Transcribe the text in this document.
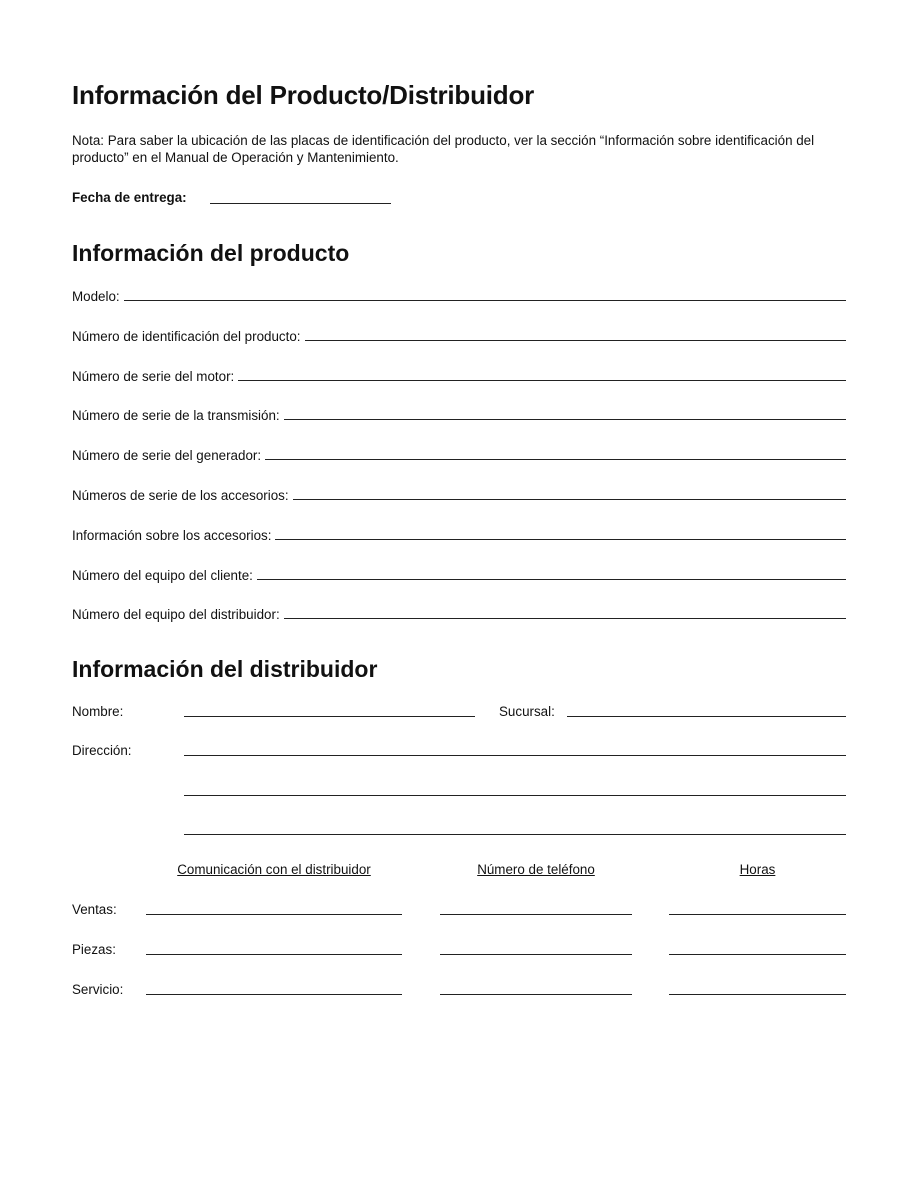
Información del Producto/Distribuidor
Nota: Para saber la ubicación de las placas de identificación del producto, ver la sección “Información sobre identificación del producto” en el Manual de Operación y Mantenimiento.
Fecha de entrega:
Información del producto
Modelo:
Número de identificación del producto:
Número de serie del motor:
Número de serie de la transmisión:
Número de serie del generador:
Números de serie de los accesorios:
Información sobre los accesorios:
Número del equipo del cliente:
Número del equipo del distribuidor:
Información del distribuidor
Nombre:	Sucursal:
Dirección:
Comunicación con el distribuidor	Número de teléfono	Horas
Ventas:
Piezas:
Servicio:
